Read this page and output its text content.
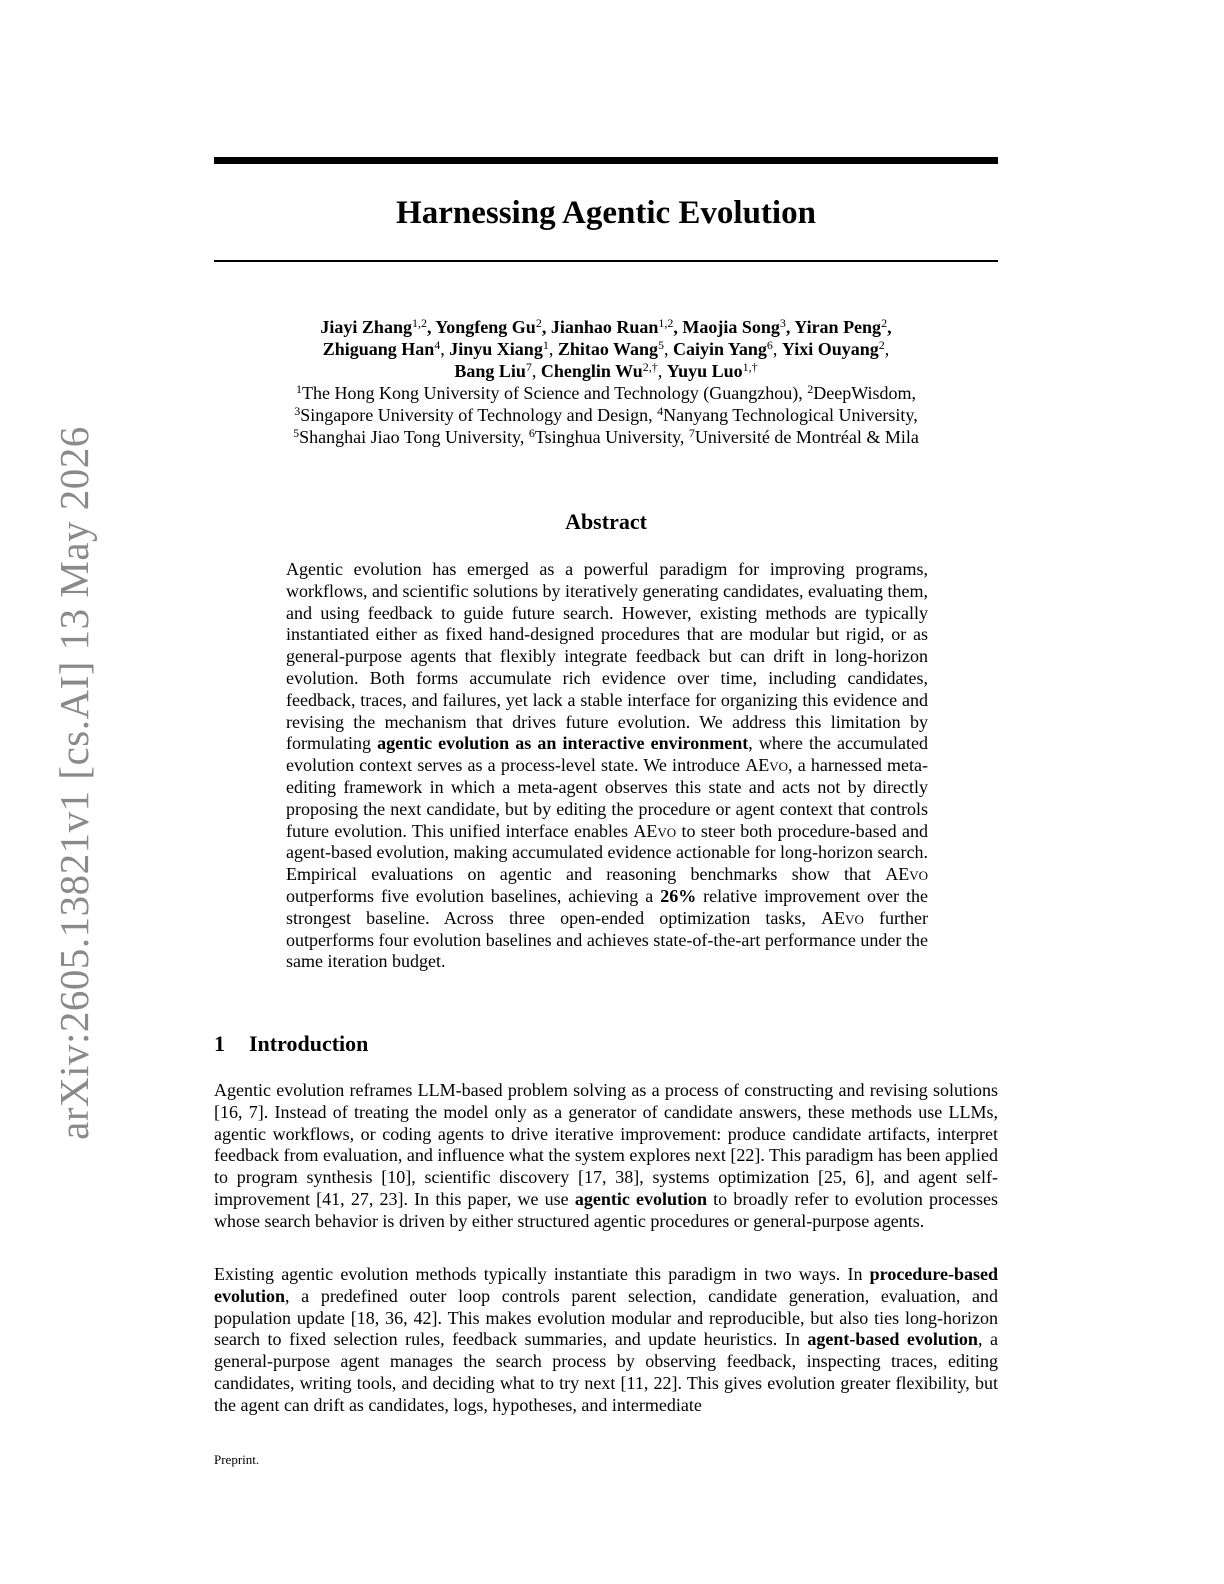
arXiv:2605.13821v1 [cs.AI] 13 May 2026
Harnessing Agentic Evolution
Jiayi Zhang$^{1,2}$, Yongfeng Gu$^2$, Jianhao Ruan$^{1,2}$, Maojia Song$^3$, Yiran Peng$^2$,
Zhiguang Han$^4$, Jinyu Xiang$^1$, Zhitao Wang$^5$, Caiyin Yang$^6$, Yixi Ouyang$^2$,
Bang Liu$^7$, Chenglin $Wu^{2,\dagger}$, Yuyu Luo$^{1,\dagger}$
$^1$The Hong Kong University of Science and Technology (Guangzhou), $^2$DeepWisdom,
$^3$Singapore University of Technology and Design, $^4$Nanyang Technological University,
$^5$Shanghai Jiao Tong University, $^6$Tsinghua University, $^7$Université de Montréal & Mila
Abstract
Agentic evolution has emerged as a powerful paradigm for improving programs, workflows, and scientific solutions by iteratively generating candidates, evaluating them, and using feedback to guide future search. However, existing methods are typically instantiated either as fixed hand-designed procedures that are modular but rigid, or as general-purpose agents that flexibly integrate feedback but can drift in long-horizon evolution. Both forms accumulate rich evidence over time, including candidates, feedback, traces, and failures, yet lack a stable interface for organizing this evidence and revising the mechanism that drives future evolution. We address this limitation by formulating agentic evolution as an interactive environment, where the accumulated evolution context serves as a process-level state. We introduce AEvo, a harnessed meta-editing framework in which a meta-agent observes this state and acts not by directly proposing the next candidate, but by editing the procedure or agent context that controls future evolution. This unified interface enables AEvo to steer both procedure-based and agent-based evolution, making accumulated evidence actionable for long-horizon search. Empirical evaluations on agentic and reasoning benchmarks show that AEvo outperforms five evolution baselines, achieving a 26% relative improvement over the strongest baseline. Across three open-ended optimization tasks, AEvo further outperforms four evolution baselines and achieves state-of-the-art performance under the same iteration budget.
1 Introduction
Agentic evolution reframes LLM-based problem solving as a process of constructing and revising solutions [16, 7]. Instead of treating the model only as a generator of candidate answers, these methods use LLMs, agentic workflows, or coding agents to drive iterative improvement: produce candidate artifacts, interpret feedback from evaluation, and influence what the system explores next [22]. This paradigm has been applied to program synthesis [10], scientific discovery [17, 38], systems optimization [25, 6], and agent self-improvement [41, 27, 23]. In this paper, we use agentic evolution to broadly refer to evolution processes whose search behavior is driven by either structured agentic procedures or general-purpose agents.
Existing agentic evolution methods typically instantiate this paradigm in two ways. In procedure-based evolution, a predefined outer loop controls parent selection, candidate generation, evaluation, and population update [18, 36, 42]. This makes evolution modular and reproducible, but also ties long-horizon search to fixed selection rules, feedback summaries, and update heuristics. In agent-based evolution, a general-purpose agent manages the search process by observing feedback, inspecting traces, editing candidates, writing tools, and deciding what to try next [11, 22]. This gives evolution greater flexibility, but the agent can drift as candidates, logs, hypotheses, and intermediate
Preprint.
